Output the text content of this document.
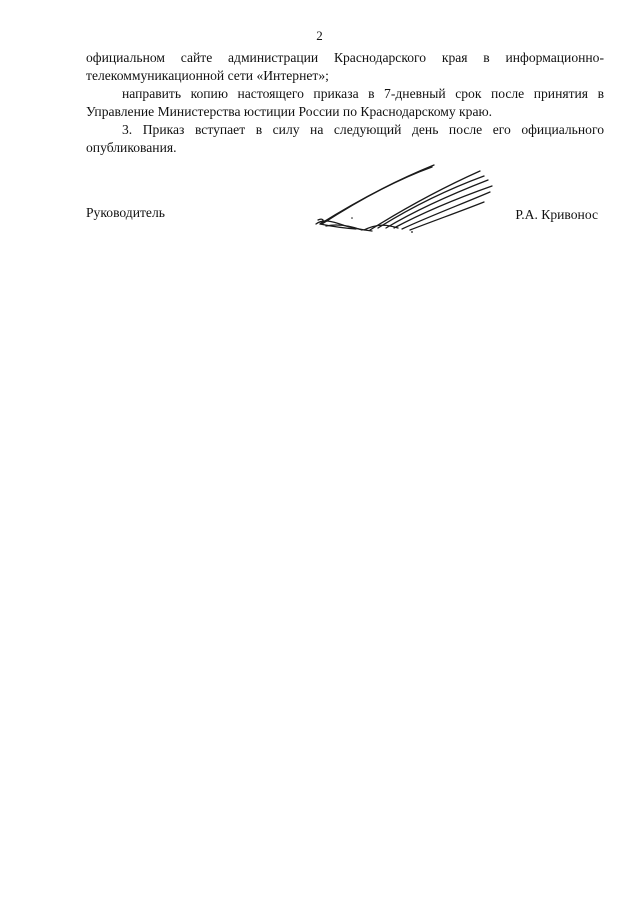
2

официальном сайте администрации Краснодарского края в информационно-телекоммуникационной сети «Интернет»;

направить копию настоящего приказа в 7-дневный срок после принятия в Управление Министерства юстиции России по Краснодарскому краю.

3. Приказ вступает в силу на следующий день после его официального опубликования.

Руководитель	Р.А. Кривонос
